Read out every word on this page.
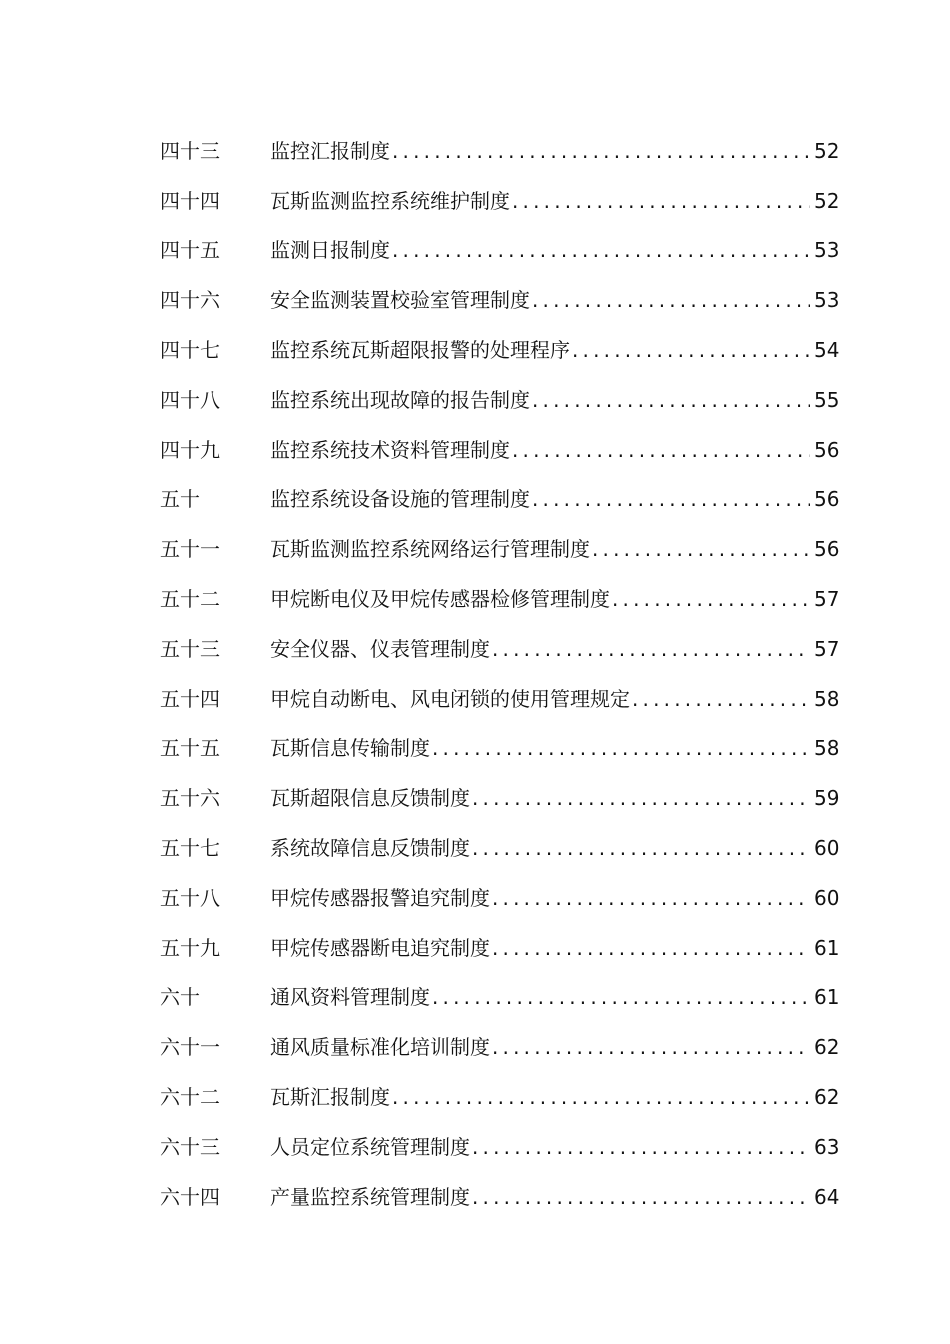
四十三	监控汇报制度 .....	52
四十四	瓦斯监测监控系统维护制度 .....	52
四十五	监测日报制度 .....	53
四十六	安全监测装置校验室管理制度 .....	53
四十七	监控系统瓦斯超限报警的处理程序 .....	54
四十八	监控系统出现故障的报告制度 .....	55
四十九	监控系统技术资料管理制度 .....	56
五十	监控系统设备设施的管理制度 .....	56
五十一	瓦斯监测监控系统网络运行管理制度 .....	56
五十二	甲烷断电仪及甲烷传感器检修管理制度 .....	57
五十三	安全仪器、仪表管理制度 .....	57
五十四	甲烷自动断电、风电闭锁的使用管理规定 .....	58
五十五	瓦斯信息传输制度 .....	58
五十六	瓦斯超限信息反馈制度 .....	59
五十七	系统故障信息反馈制度 .....	60
五十八	甲烷传感器报警追究制度 .....	60
五十九	甲烷传感器断电追究制度 .....	61
六十	通风资料管理制度 .....	61
六十一	通风质量标准化培训制度 .....	62
六十二	瓦斯汇报制度 .....	62
六十三	人员定位系统管理制度 .....	63
六十四	产量监控系统管理制度 .....	64
